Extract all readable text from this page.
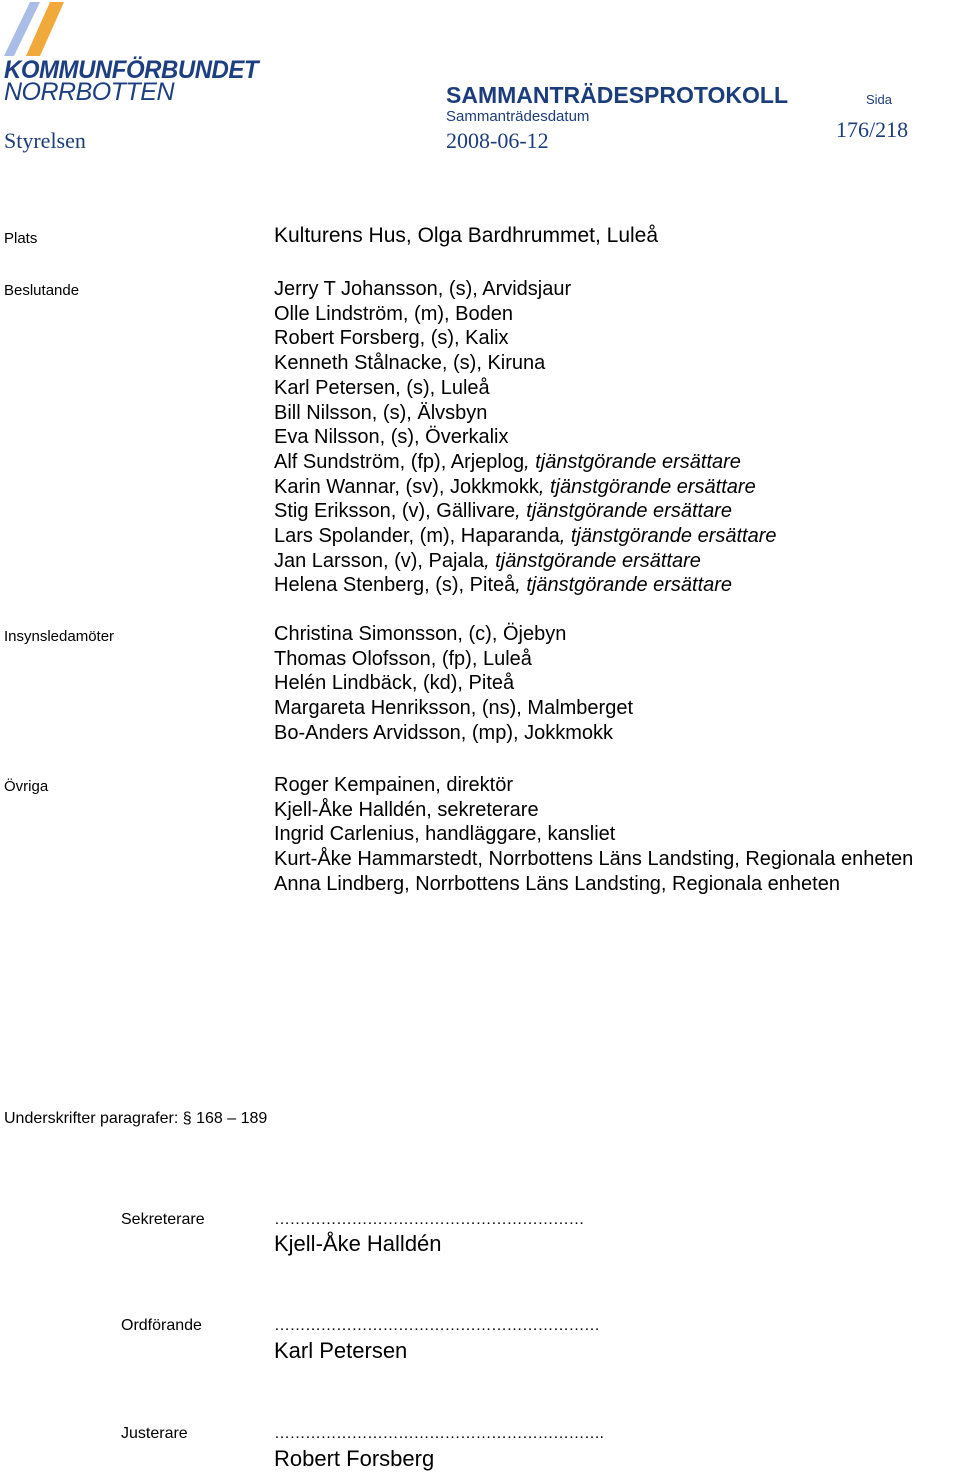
KOMMUNFÖRBUNDET
NORRBOTTEN	SAMMANTRÄDESPROTOKOLL
Sammanträdesdatum
Sida
Styrelsen	2008-06-12	176/218
Plats	Kulturens Hus, Olga Bardhrummet, Luleå
Beslutande	Jerry T Johansson, (s), Arvidsjaur
Olle Lindström, (m), Boden
Robert Forsberg, (s), Kalix
Kenneth Stålnacke, (s), Kiruna
Karl Petersen, (s), Luleå
Bill Nilsson, (s), Älvsbyn
Eva Nilsson, (s), Överkalix
Alf Sundström, (fp), Arjeplog, tjänstgörande ersättare
Karin Wannar, (sv), Jokkmokk, tjänstgörande ersättare
Stig Eriksson, (v), Gällivare, tjänstgörande ersättare
Lars Spolander, (m), Haparanda, tjänstgörande ersättare
Jan Larsson, (v), Pajala, tjänstgörande ersättare
Helena Stenberg, (s), Piteå, tjänstgörande ersättare
Insynsledamöter	Christina Simonsson, (c), Öjebyn
Thomas Olofsson, (fp), Luleå
Helén Lindbäck, (kd), Piteå
Margareta Henriksson, (ns), Malmberget
Bo-Anders Arvidsson, (mp), Jokkmokk
Övriga	Roger Kempainen, direktör
Kjell-Åke Halldén, sekreterare
Ingrid Carlenius, handläggare, kansliet
Kurt-Åke Hammarstedt, Norrbottens Läns Landsting, Regionala enheten
Anna Lindberg, Norrbottens Läns Landsting, Regionala enheten
Underskrifter paragrafer: § 168 – 189
Sekreterare	……………………………………………………
Kjell-Åke Halldén
Ordförande	………………………………………………………
Karl Petersen
Justerare	……………………………………………………….
Robert Forsberg
